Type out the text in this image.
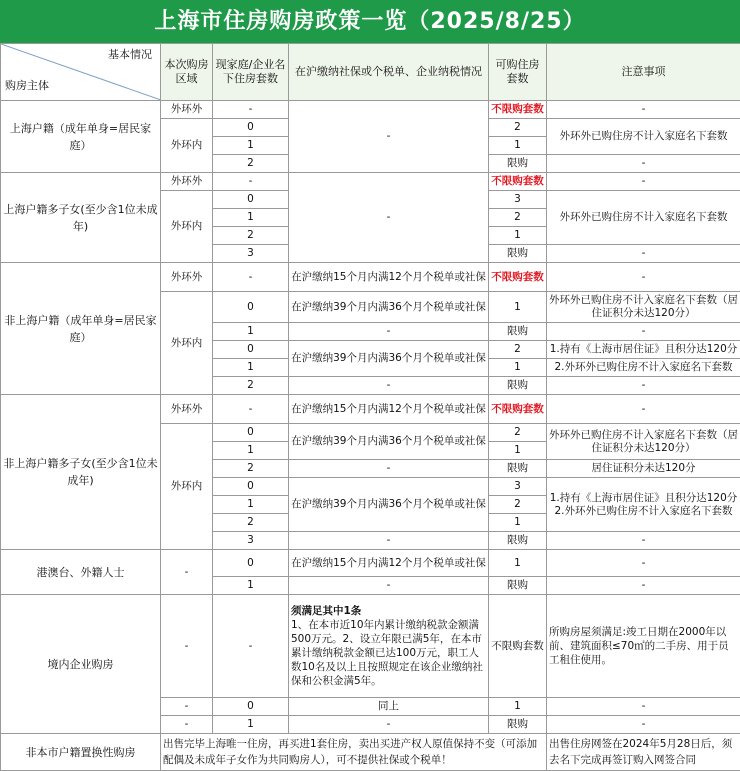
上海市住房购房政策一览（2025/8/25）
基本情况
购房主体	本次购房区域	现家庭/企业名下住房套数	在沪缴纳社保或个税单、企业纳税情况	可购住房套数	注意事项
上海户籍（成年单身=居民家庭）	外环外	-	-	不限购套数	-
	外环内	0		2	外环外已购住房不计入家庭名下套数
		1		1	
		2		限购	-
上海户籍多子女(至少含1位未成年)	外环外	-	-	不限购套数	-
	外环内	0		3	外环外已购住房不计入家庭名下套数
		1		2	
		2		1	
		3		限购	-
非上海户籍（成年单身=居民家庭）	外环外	-	在沪缴纳15个月内满12个月个税单或社保	不限购套数	-
	外环内	0	在沪缴纳39个月内满36个月个税单或社保	1	外环外已购住房不计入家庭名下套数（居住证积分未达120分）

		1	-	限购	-
		0	在沪缴纳39个月内满36个月个税单或社保	2	1.持有《上海市居住证》且积分达120分
		1		1	2.外环外已购住房不计入家庭名下套数
		2	-	限购	-
非上海户籍多子女(至少含1位未成年)	外环外	-	在沪缴纳15个月内满12个月个税单或社保	不限购套数	-
	外环内	0	在沪缴纳39个月内满36个月个税单或社保	2	外环外已购住房不计入家庭名下套数（居住证积分未达120分）
		1		1	
		2	-	限购	居住证积分未达120分
		0	在沪缴纳39个月内满36个月个税单或社保	3	1.持有《上海市居住证》且积分达120分
2.外环外已购住房不计入家庭名下套数
		1		2	
		2		1	
		3	-	限购	-
港澳台、外籍人士	-	0	在沪缴纳15个月内满12个月个税单或社保	1	-
		1	-	限购	-
境内企业购房	-	-	须满足其中1条
1、在本市近10年内累计缴纳税款金额满500万元。2、设立年限已满5年，在本市累计缴纳税款金额已达100万元，职工人数10名及以上且按照规定在该企业缴纳社保和公积金满5年。	不限购套数	所购房屋须满足:竣工日期在2000年以前、建筑面积≤70㎡的二手房、用于员工租住使用。
	-	0	同上	1	-
	-	1	-	限购	-
非本市户籍置换性购房	出售完毕上海唯一住房，再买进1套住房，卖出买进产权人原值保持不变（可添加配偶及未成年子女作为共同购房人），可不提供社保或个税单！				出售住房网签在2024年5月28日后，须去名下完成再签订购入网签合同
